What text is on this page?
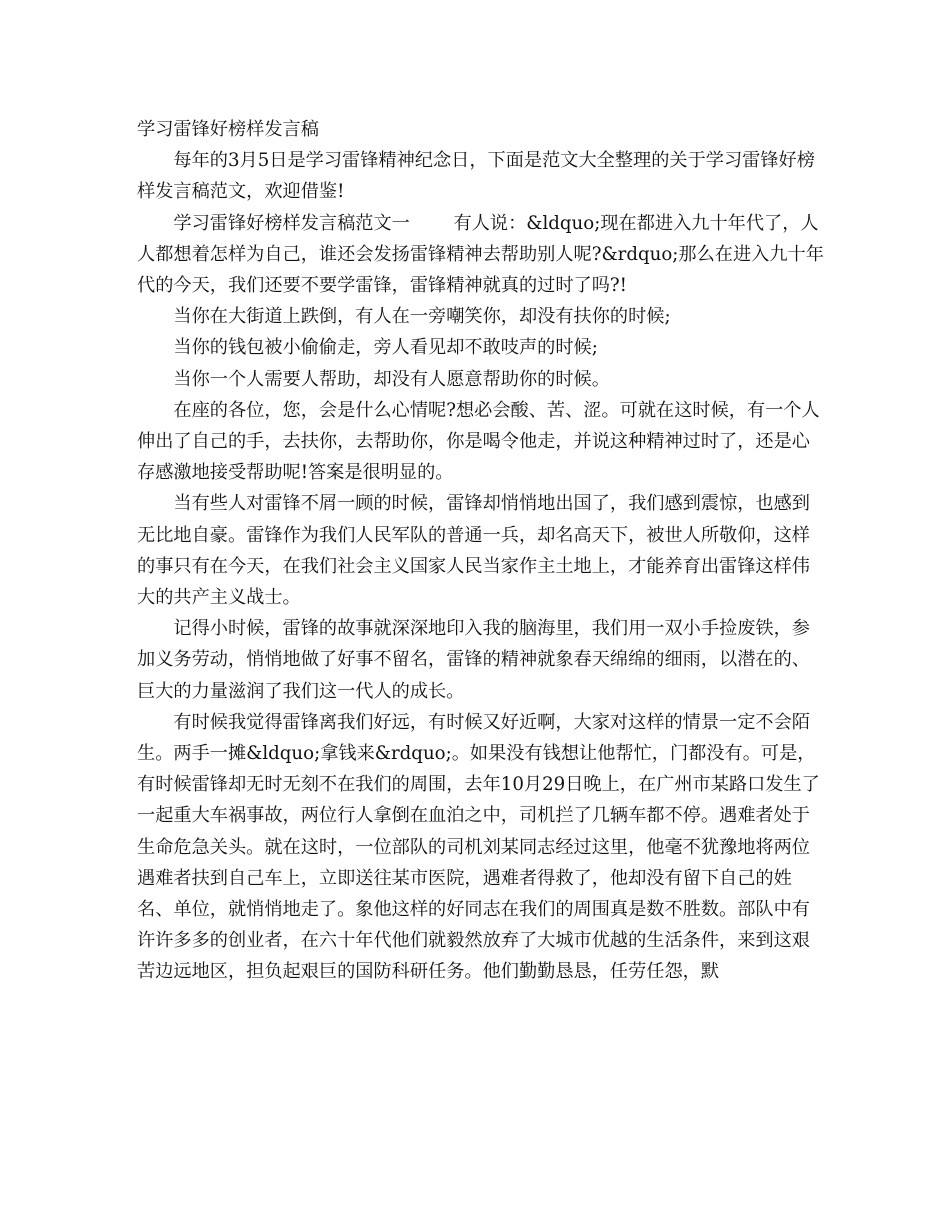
学习雷锋好榜样发言稿

每年的3月5日是学习雷锋精神纪念日，下面是范文大全整理的关于学习雷锋好榜样发言稿范文，欢迎借鉴!

学习雷锋好榜样发言稿范文一 有人说：&ldquo;现在都进入九十年代了，人人都想着怎样为自己，谁还会发扬雷锋精神去帮助别人呢?&rdquo;那么在进入九十年代的今天，我们还要不要学雷锋，雷锋精神就真的过时了吗?!

当你在大街道上跌倒，有人在一旁嘲笑你，却没有扶你的时候;

当你的钱包被小偷偷走，旁人看见却不敢吱声的时候;

当你一个人需要人帮助，却没有人愿意帮助你的时候。

在座的各位，您，会是什么心情呢?想必会酸、苦、涩。可就在这时候，有一个人伸出了自己的手，去扶你，去帮助你，你是喝令他走，并说这种精神过时了，还是心存感激地接受帮助呢!答案是很明显的。

当有些人对雷锋不屑一顾的时候，雷锋却悄悄地出国了，我们感到震惊，也感到无比地自豪。雷锋作为我们人民军队的普通一兵，却名高天下，被世人所敬仰，这样的事只有在今天，在我们社会主义国家人民当家作主土地上，才能养育出雷锋这样伟大的共产主义战士。

记得小时候，雷锋的故事就深深地印入我的脑海里，我们用一双小手捡废铁，参加义务劳动，悄悄地做了好事不留名，雷锋的精神就象春天绵绵的细雨，以潜在的、巨大的力量滋润了我们这一代人的成长。

有时候我觉得雷锋离我们好远，有时候又好近啊，大家对这样的情景一定不会陌生。两手一摊&ldquo;拿钱来&rdquo;。如果没有钱想让他帮忙，门都没有。可是，有时候雷锋却无时无刻不在我们的周围，去年10月29日晚上，在广州市某路口发生了一起重大车祸事故，两位行人拿倒在血泊之中，司机拦了几辆车都不停。遇难者处于生命危急关头。就在这时，一位部队的司机刘某同志经过这里，他毫不犹豫地将两位遇难者扶到自己车上，立即送往某市医院，遇难者得救了，他却没有留下自己的姓名、单位，就悄悄地走了。象他这样的好同志在我们的周围真是数不胜数。部队中有许许多多的创业者，在六十年代他们就毅然放弃了大城市优越的生活条件，来到这艰苦边远地区，担负起艰巨的国防科研任务。他们勤勤恳恳，任劳任怨，默
